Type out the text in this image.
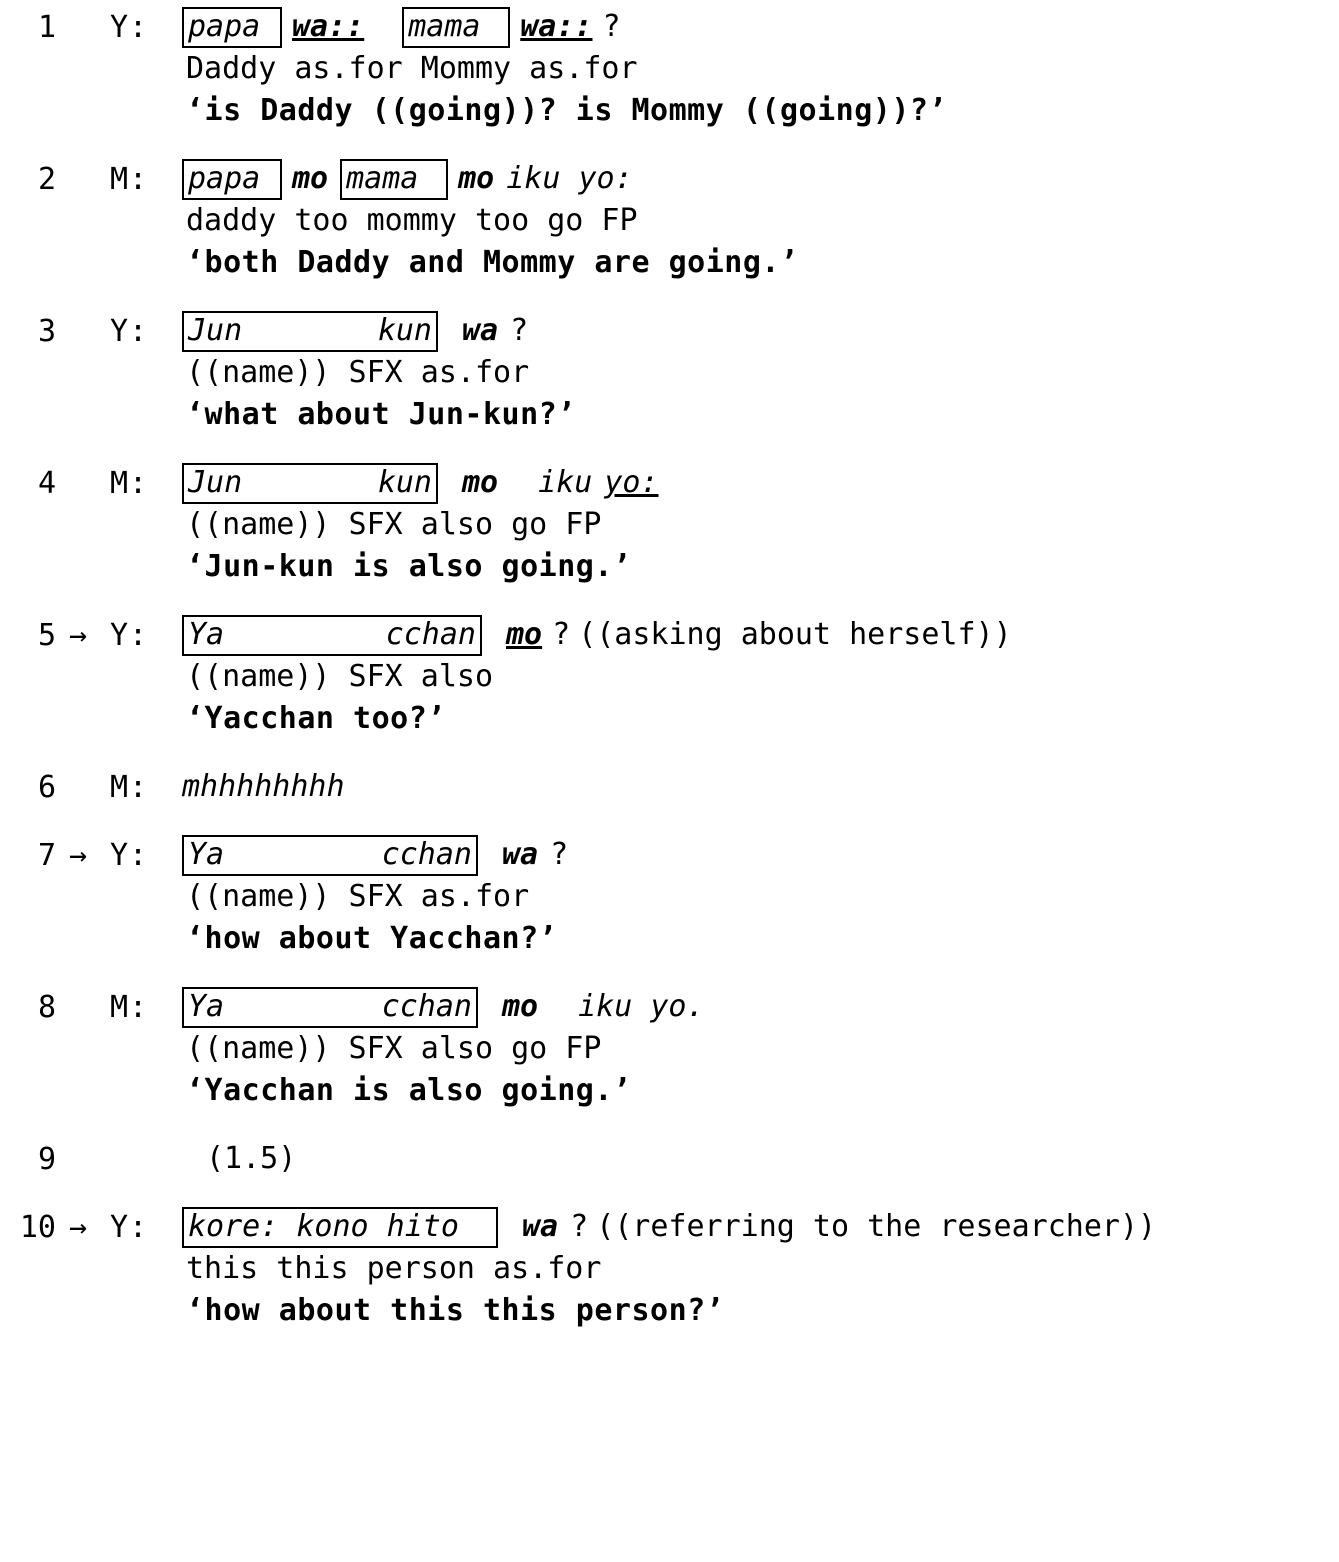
1	Y:	papa	wa:: mama	wa:: ?
Daddy as.for Mommy as.for
‘is Daddy ((going))? is Mommy ((going))?’
2	M:	papa	mo mama	mo iku yo:
daddy too mommy too go FP
‘both Daddy and Mommy are going.’
3	Y:	Jun	kun wa ?
((name)) SFX as.for
‘what about Jun-kun?’
4	M:	Jun	kun mo iku yo:
((name)) SFX also go FP
‘Jun-kun is also going.’
5 → Y:	Ya	cchan mo ? ((asking about herself))
((name)) SFX also
‘Yacchan too?’
6	M:	mhhhhhhhh
7 → Y:	Ya	cchan wa ?
((name)) SFX as.for
‘how about Yacchan?’
8	M:	Ya	cchan mo iku yo.
((name)) SFX also go FP
‘Yacchan is also going.’
9	(1.5)
10 → Y:	kore: kono hito	wa ? ((referring to the researcher))
this this person as.for
‘how about this this person?’
